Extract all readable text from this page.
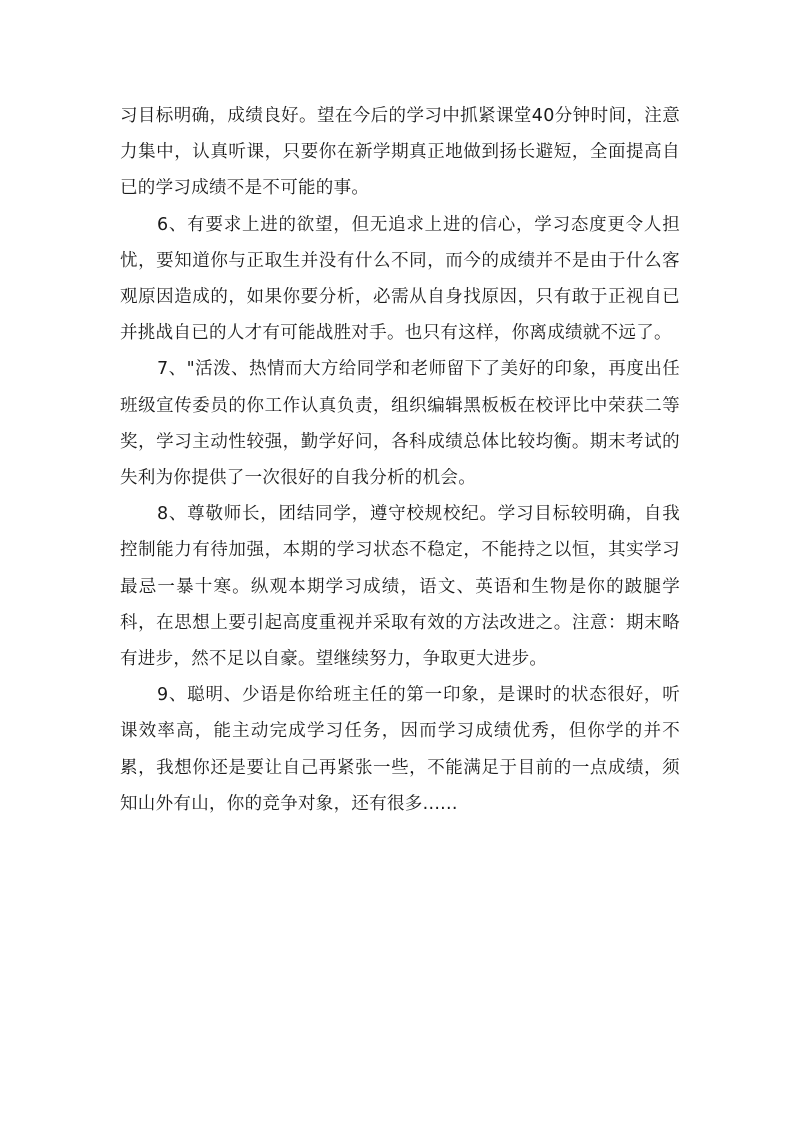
习目标明确，成绩良好。望在今后的学习中抓紧课堂40分钟时间，注意力集中，认真听课，只要你在新学期真正地做到扬长避短，全面提高自已的学习成绩不是不可能的事。

6、有要求上进的欲望，但无追求上进的信心，学习态度更令人担忧，要知道你与正取生并没有什么不同，而今的成绩并不是由于什么客观原因造成的，如果你要分析，必需从自身找原因，只有敢于正视自已并挑战自已的人才有可能战胜对手。也只有这样，你离成绩就不远了。

7、"活泼、热情而大方给同学和老师留下了美好的印象，再度出任班级宣传委员的你工作认真负责，组织编辑黑板板在校评比中荣获二等奖，学习主动性较强，勤学好问，各科成绩总体比较均衡。期末考试的失利为你提供了一次很好的自我分析的机会。

8、尊敬师长，团结同学，遵守校规校纪。学习目标较明确，自我控制能力有待加强，本期的学习状态不稳定，不能持之以恒，其实学习最忌一暴十寒。纵观本期学习成绩，语文、英语和生物是你的跛腿学科，在思想上要引起高度重视并采取有效的方法改进之。注意：期末略有进步，然不足以自豪。望继续努力，争取更大进步。

9、聪明、少语是你给班主任的第一印象，是课时的状态很好，听课效率高，能主动完成学习任务，因而学习成绩优秀，但你学的并不累，我想你还是要让自己再紧张一些，不能满足于目前的一点成绩，须知山外有山，你的竞争对象，还有很多......
